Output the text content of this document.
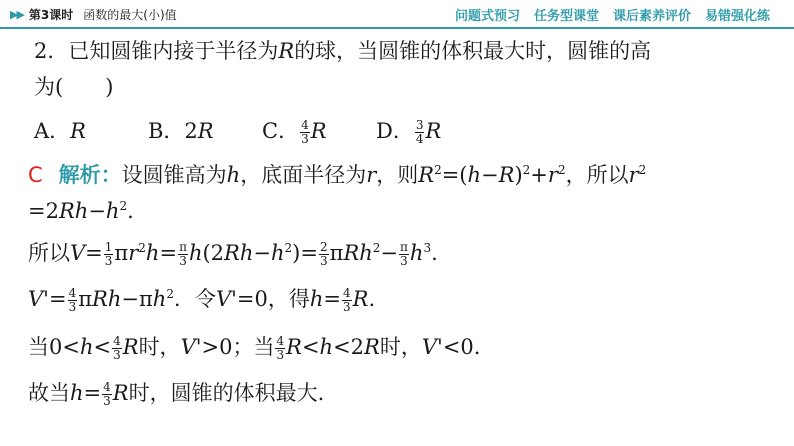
▶▶ 第3课时 函数的最大(小)值	问题式预习 任务型课堂 课后素养评价 易错强化练
2．已知圆锥内接于半径为R的球，当圆锥的体积最大时，圆锥的高
为(　　)
A．R	B．2R C． $\frac{4}{3}$ R D． $\frac{3}{4}$ R
C 解析：设圆锥高为h，底面半径为r，则$R^2=(h-R)^2+r^2$，所以$r^2$
$=2Rh-h^2$.
所以$V= \frac{1}{3} \pi r^2h= \frac{\pi}{3} h(2Rh-h^2)= \frac{2}{3} \pi Rh^2- \frac{\pi}{3} h^3$.
$V'= \frac{4}{3} \pi Rh-\pi h^2$．令V'=0，得$h= \frac{4}{3} R$.
当$0<h< \frac{4}{3}$ R时，V'>0；当 $\frac{4}{3} R<h<2R$时，V'<0.
故当$h= \frac{4}{3}$ R时，圆锥的体积最大.
